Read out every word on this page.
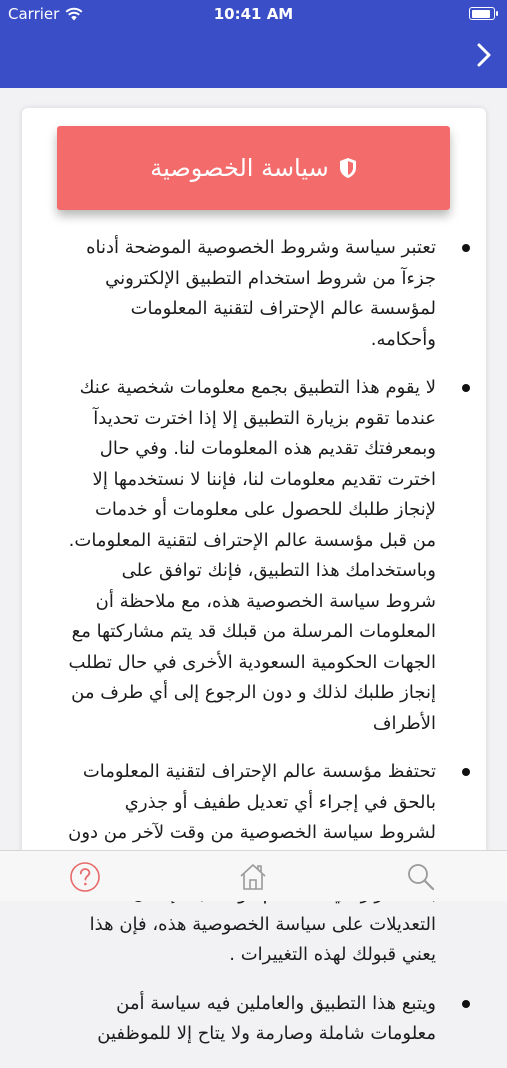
Carrier	10:41 AM
سياسة الخصوصية
تعتبر سياسة وشروط الخصوصية الموضحة أدناه جزءآ من شروط استخدام التطبيق الإلكتروني لمؤسسة عالم الإحتراف لتقنية المعلومات وأحكامه.
لا يقوم هذا التطبيق بجمع معلومات شخصية عنك عندما تقوم بزيارة التطبيق إلا إذا اخترت تحديدآ وبمعرفتك تقديم هذه المعلومات لنا. وفي حال اخترت تقديم معلومات لنا، فإننا لا نستخدمها إلا لإنجاز طلبك للحصول على معلومات أو خدمات من قبل مؤسسة عالم الإحتراف لتقنية المعلومات. وباستخدامك هذا التطبيق، فإنك توافق على شروط سياسة الخصوصية هذه، مع ملاحظة أن المعلومات المرسلة من قبلك قد يتم مشاركتها مع الجهات الحكومية السعودية الأخرى في حال تطلب إنجاز طلبك لذلك و دون الرجوع إلى أي طرف من الأطراف
تحتفظ مؤسسة عالم الإحتراف لتقنية المعلومات بالحق في إجراء أي تعديل طفيف أو جذري لشروط سياسة الخصوصية من وقت لآخر من دون التعديلات على سياسة الخصوصية هذه، فإن هذا يعني قبولك لهذه التغييرات .
ويتبع هذا التطبيق والعاملين فيه سياسة أمن معلومات شاملة وصارمة ولا يتاح إلا للموظفين
